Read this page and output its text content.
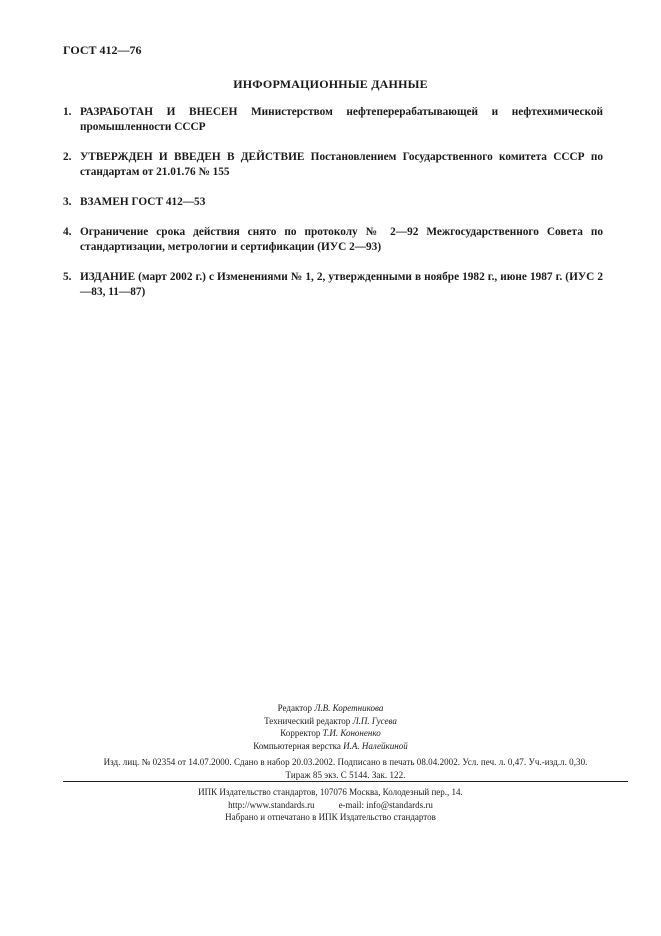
ГОСТ 412—76
ИНФОРМАЦИОННЫЕ ДАННЫЕ
1. РАЗРАБОТАН И ВНЕСЕН Министерством нефтеперерабатывающей и нефтехимической промышленности СССР
2. УТВЕРЖДЕН И ВВЕДЕН В ДЕЙСТВИЕ Постановлением Государственного комитета СССР по стандартам от 21.01.76 № 155
3. ВЗАМЕН ГОСТ 412—53
4. Ограничение срока действия снято по протоколу № 2—92 Межгосударственного Совета по стандартизации, метрологии и сертификации (ИУС 2—93)
5. ИЗДАНИЕ (март 2002 г.) с Изменениями № 1, 2, утвержденными в ноябре 1982 г., июне 1987 г. (ИУС 2—83, 11—87)
Редактор Л.В. Коретникова
Технический редактор Л.П. Гусева
Корректор Т.И. Кононенко
Компьютерная верстка И.А. Налейкиной
Изд. лиц. № 02354 от 14.07.2000. Сдано в набор 20.03.2002. Подписано в печать 08.04.2002. Усл. печ. л. 0,47. Уч.-изд.л. 0,30.
Тираж 85 экз. С 5144. Зак. 122.
ИПК Издательство стандартов, 107076 Москва, Колодезный пер., 14.
http://www.standards.ru	e-mail: info@standards.ru
Набрано и отпечатано в ИПК Издательство стандартов
